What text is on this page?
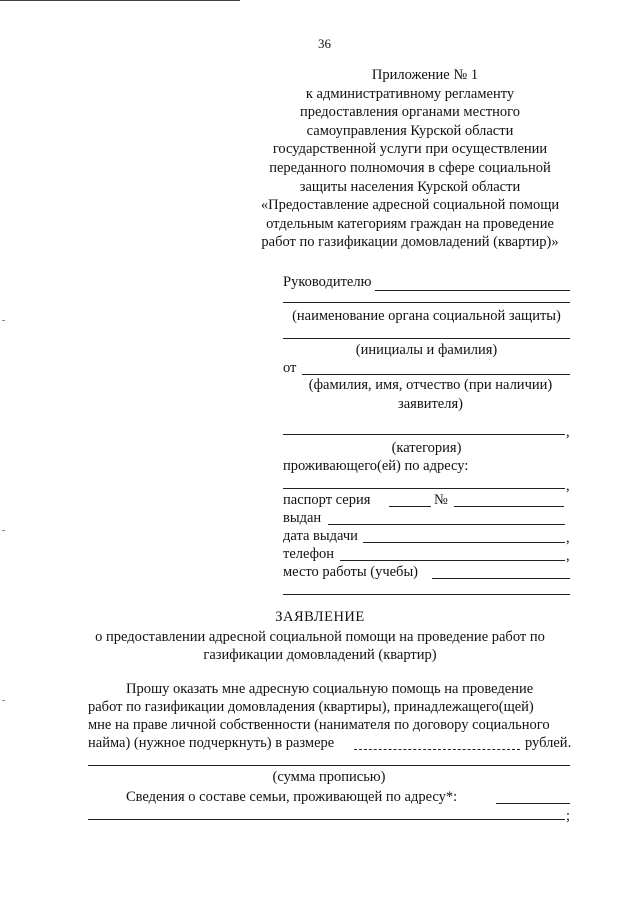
36
Приложение № 1
к административному регламенту
предоставления органами местного
самоуправления Курской области
государственной услуги при осуществлении
переданного полномочия в сфере социальной
защиты населения Курской области
«Предоставление адресной социальной помощи
отдельным категориям граждан на проведение
работ по газификации домовладений (квартир)»
Руководителю
(наименование органа социальной защиты)
(инициалы и фамилия)
от
(фамилия, имя, отчество (при наличии)
заявителя)
,
(категория)
проживающего(ей) по адресу:
,
паспорт серия	№
выдан
дата выдачи	,
телефон	,
место работы (учебы)
ЗАЯВЛЕНИЕ
о предоставлении адресной социальной помощи на проведение работ по
газификации домовладений (квартир)
Прошу оказать мне адресную социальную помощь на проведение
работ по газификации домовладения (квартиры), принадлежащего(щей)
мне на праве личной собственности (нанимателя по договору социального
найма) (нужное подчеркнуть) в размере	рублей.
(сумма прописью)
Сведения о составе семьи, проживающей по адресу*:
;
